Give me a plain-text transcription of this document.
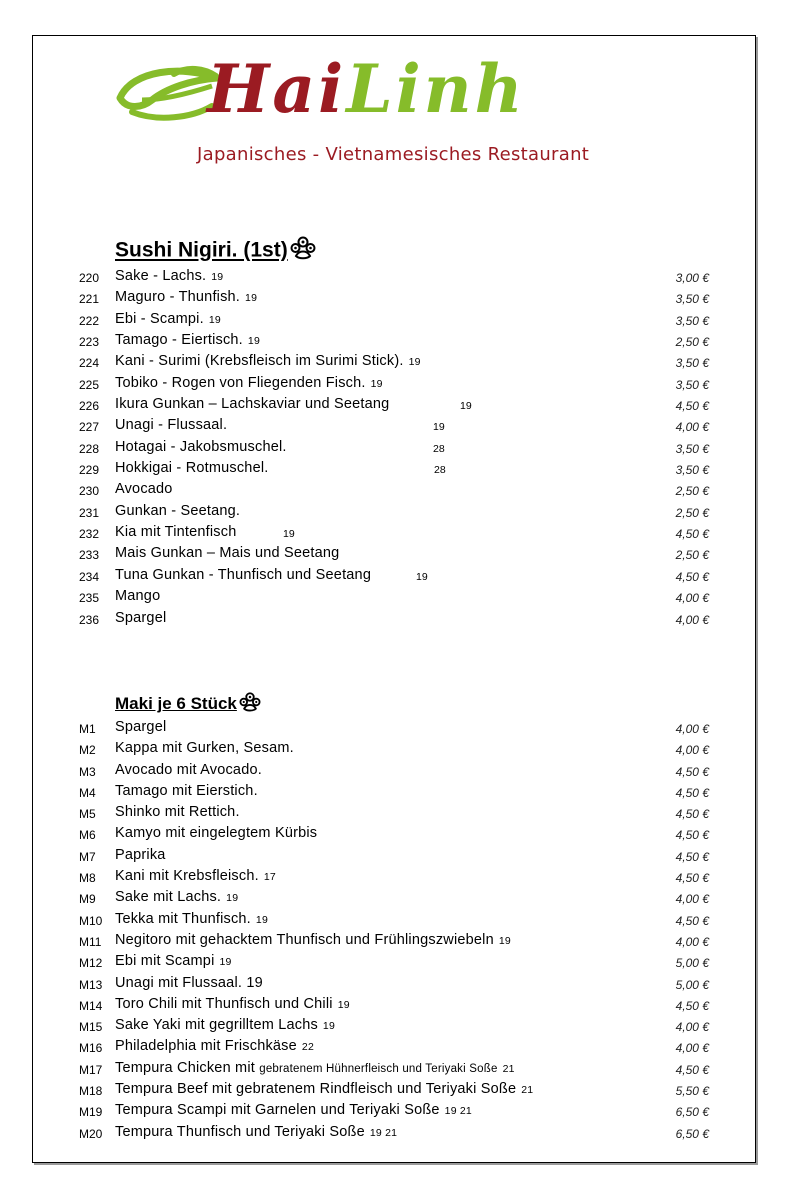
HaiLinh
Japanisches - Vietnamesisches Restaurant
Sushi Nigiri. (1st)
220 Sake - Lachs. 19	3,00 €
221 Maguro - Thunfish. 19	3,50 €
222 Ebi - Scampi. 19	3,50 €
223 Tamago - Eiertisch. 19	2,50 €
224 Kani - Surimi (Krebsfleisch im Surimi Stick). 19	3,50 €
225 Tobiko - Rogen von Fliegenden Fisch. 19	3,50 €
226 Ikura Gunkan – Lachskaviar und Seetang	19	4,50 €
227 Unagi - Flussaal.	19	4,00 €
228 Hotagai - Jakobsmuschel.	28	3,50 €
229 Hokkigai - Rotmuschel.	28	3,50 €
230 Avocado	2,50 €
231 Gunkan - Seetang.	2,50 €
232 Kia mit Tintenfisch	19	4,50 €
233 Mais Gunkan – Mais und Seetang	2,50 €
234 Tuna Gunkan - Thunfisch und Seetang	19	4,50 €
235 Mango	4,00 €
236 Spargel	4,00 €
Maki je 6 Stück
M1 Spargel	4,00 €
M2 Kappa mit Gurken, Sesam.	4,00 €
M3 Avocado mit Avocado.	4,50 €
M4 Tamago mit Eierstich.	4,50 €
M5 Shinko mit Rettich.	4,50 €
M6 Kamyo mit eingelegtem Kürbis	4,50 €
M7 Paprika	4,50 €
M8 Kani mit Krebsfleisch. 17	4,50 €
M9 Sake mit Lachs. 19	4,00 €
M10 Tekka mit Thunfisch. 19	4,50 €
M11 Negitoro mit gehacktem Thunfisch und Frühlingszwiebeln 19	4,00 €
M12 Ebi mit Scampi 19	5,00 €
M13 Unagi mit Flussaal. 19	5,00 €
M14 Toro Chili mit Thunfisch und Chili 19	4,50 €
M15 Sake Yaki mit gegrilltem Lachs 19	4,00 €
M16 Philadelphia mit Frischkäse 22	4,00 €
M17 Tempura Chicken mit gebratenem Hühnerfleisch und Teriyaki Soße 21	4,50 €
M18 Tempura Beef mit gebratenem Rindfleisch und Teriyaki Soße 21	5,50 €
M19 Tempura Scampi mit Garnelen und Teriyaki Soße 19 21	6,50 €
M20 Tempura Thunfisch und Teriyaki Soße 19 21	6,50 €
